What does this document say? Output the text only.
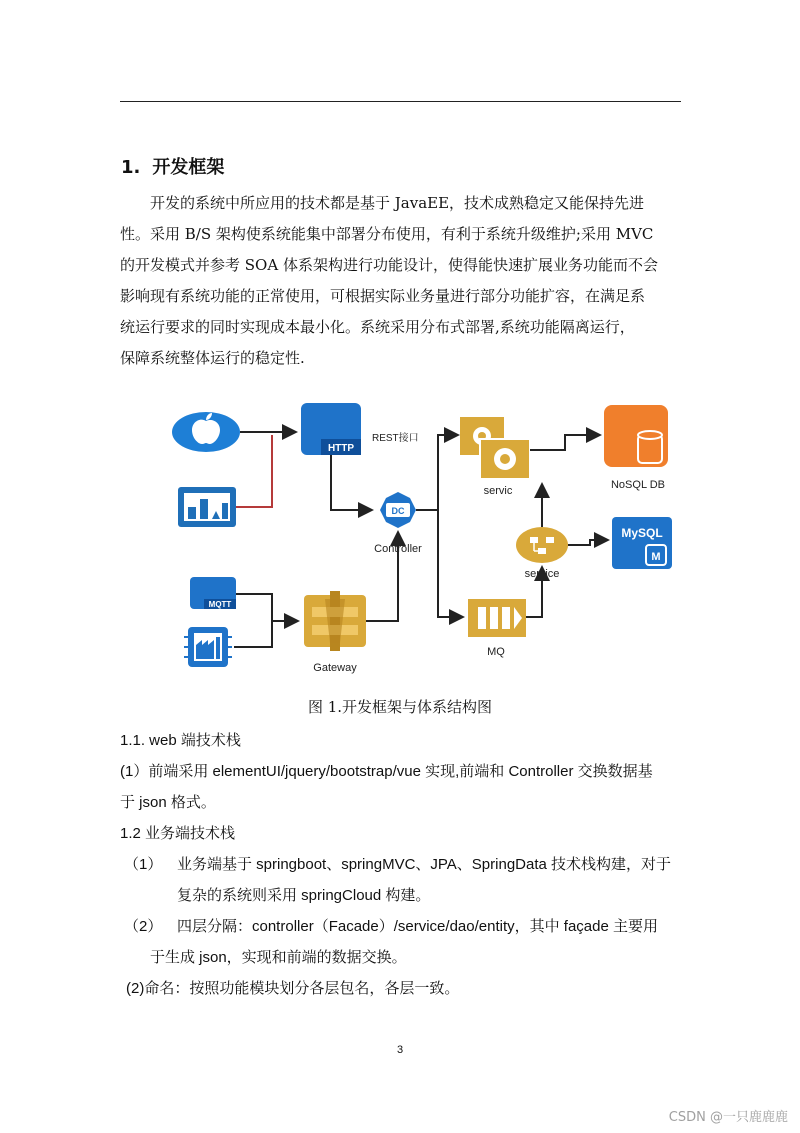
1. 开发框架
开发的系统中所应用的技术都是基于 JavaEE，技术成熟稳定又能保持先进
性。采用 B/S 架构使系统能集中部署分布使用，有利于系统升级维护;采用 MVC
的开发模式并参考 SOA 体系架构进行功能设计，使得能快速扩展业务功能而不会
影响现有系统功能的正常使用，可根据实际业务量进行部分功能扩容，在满足系
统运行要求的同时实现成本最小化。系统采用分布式部署,系统功能隔离运行，
保障系统整体运行的稳定性.
HTTP
REST接口
DC
Controller
MQTT
Gateway
servic	NoSQL DB
service
MySQL
M
MQ
图 1.开发框架与体系结构图
1.1. web 端技术栈
(1）前端采用 elementUI/jquery/bootstrap/vue 实现,前端和 Controller 交换数据基
于 json 格式。
1.2 业务端技术栈
（1） 业务端基于 springboot、springMVC、JPA、SpringData 技术栈构建，对于
复杂的系统则采用 springCloud 构建。
（2） 四层分隔：controller（Facade）/service/dao/entity，其中 façade 主要用
于生成 json，实现和前端的数据交换。
(2)命名：按照功能模块划分各层包名，各层一致。
3
CSDN @一只鹿鹿鹿
